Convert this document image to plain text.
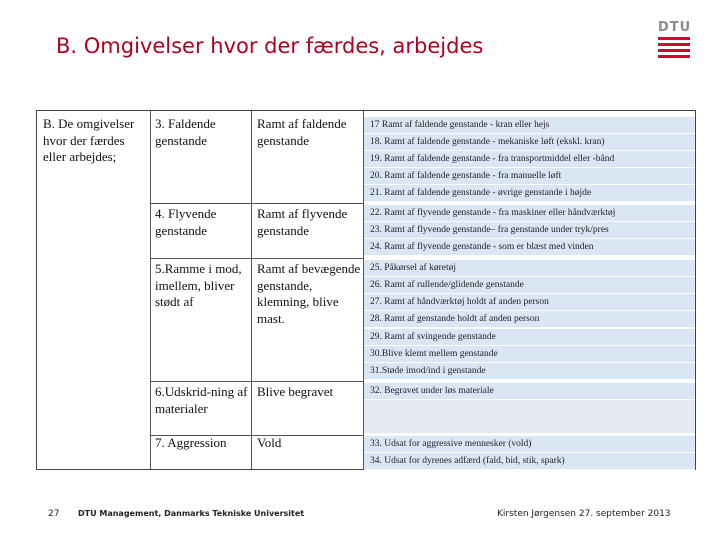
B. Omgivelser hvor der færdes, arbejdes
DTU
B. De omgivelser hvor der færdes eller arbejdes;
3. Faldende genstande
Ramt af faldende genstande
4. Flyvende genstande
Ramt af flyvende genstande
5.Ramme i mod, imellem, bliver stødt af
Ramt af bevægende genstande, klemning, blive mast.
6.Udskrid-ning af materialer
Blive begravet
7. Aggression	Vold
17 Ramt af faldende genstande - kran eller hejs
18. Ramt af faldende genstande - mekaniske løft (ekskl. kran)
19. Ramt af faldende genstande - fra transportmiddel eller -bånd
20. Ramt af faldende genstande - fra manuelle løft
21. Ramt af faldende genstande - øvrige genstande i højde
22. Ramt af flyvende genstande - fra maskiner eller håndværktøj
23. Ramt af flyvende genstande– fra genstande under tryk/pres
24. Ramt af flyvende genstande - som er blæst med vinden
25. Påkørsel af køretøj
26. Ramt af rullende/glidende genstande
27. Ramt af håndværktøj holdt af anden person
28. Ramt af genstande holdt af anden person
29. Ramt af svingende genstande
30.Blive klemt mellem genstande
31.Støde imod/ind i genstande
32. Begravet under løs materiale
33. Udsat for aggressive mennesker (vold)
34. Udsat for dyrenes adfærd (fald, bid, stik, spark)
27 DTU Management, Danmarks Tekniske Universitet	Kirsten Jørgensen 27. september 2013
